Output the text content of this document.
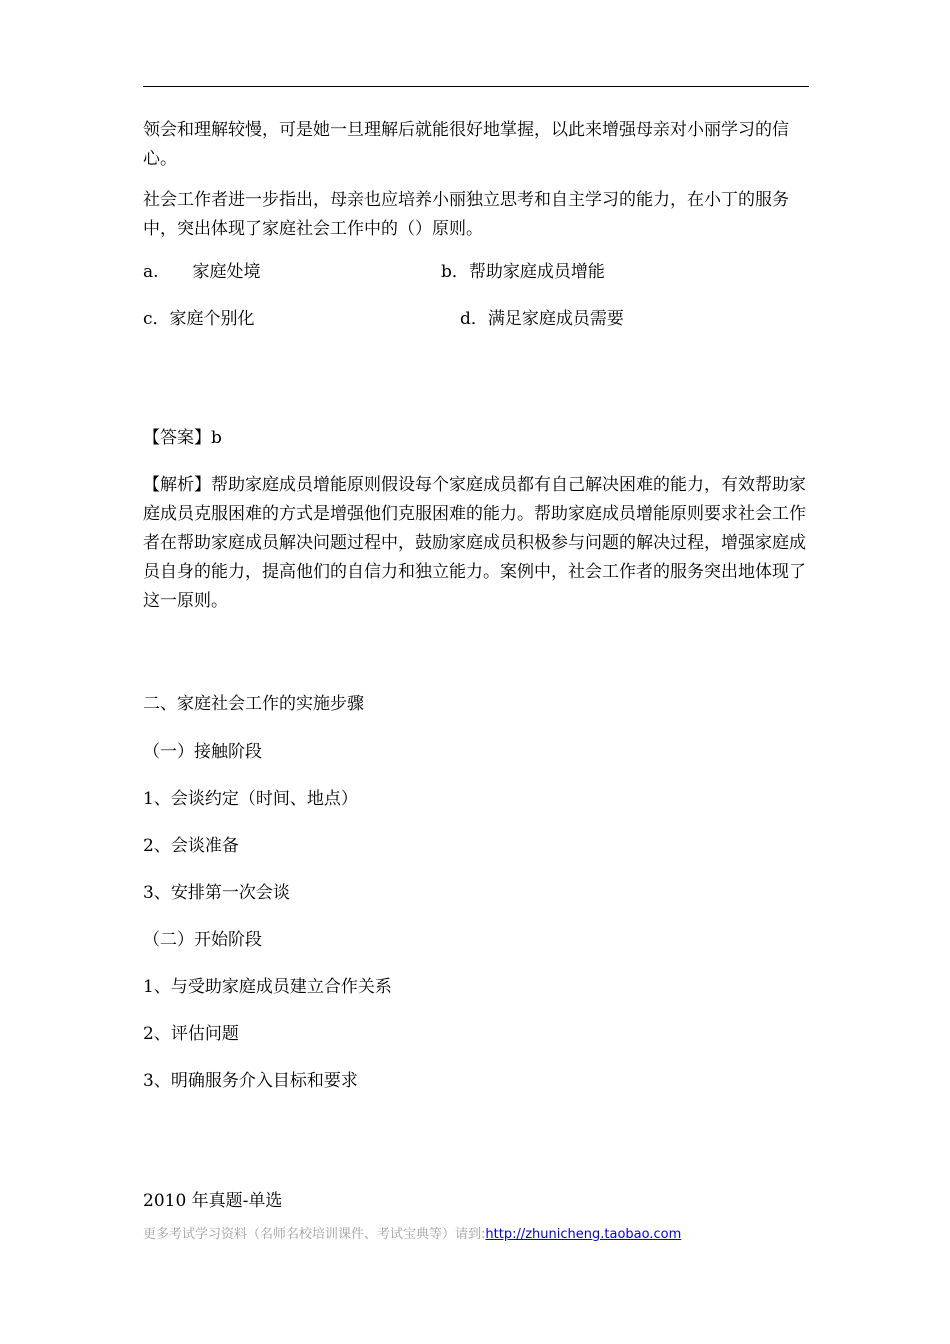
领会和理解较慢，可是她一旦理解后就能很好地掌握，以此来增强母亲对小丽学习的信心。
社会工作者进一步指出，母亲也应培养小丽独立思考和自主学习的能力，在小丁的服务中，突出体现了家庭社会工作中的（）原则。
a.　　家庭处境	b．帮助家庭成员增能
c．家庭个别化	d．满足家庭成员需要
【答案】b
【解析】帮助家庭成员增能原则假设每个家庭成员都有自己解决困难的能力，有效帮助家庭成员克服困难的方式是增强他们克服困难的能力。帮助家庭成员增能原则要求社会工作者在帮助家庭成员解决问题过程中，鼓励家庭成员积极参与问题的解决过程，增强家庭成员自身的能力，提高他们的自信力和独立能力。案例中，社会工作者的服务突出地体现了这一原则。
二、家庭社会工作的实施步骤
（一）接触阶段
1、会谈约定（时间、地点）
2、会谈准备
3、安排第一次会谈
（二）开始阶段
1、与受助家庭成员建立合作关系
2、评估问题
3、明确服务介入目标和要求
2010 年真题-单选
更多考试学习资料（名师名校培训课件、考试宝典等）请到:http://zhunicheng.taobao.com
